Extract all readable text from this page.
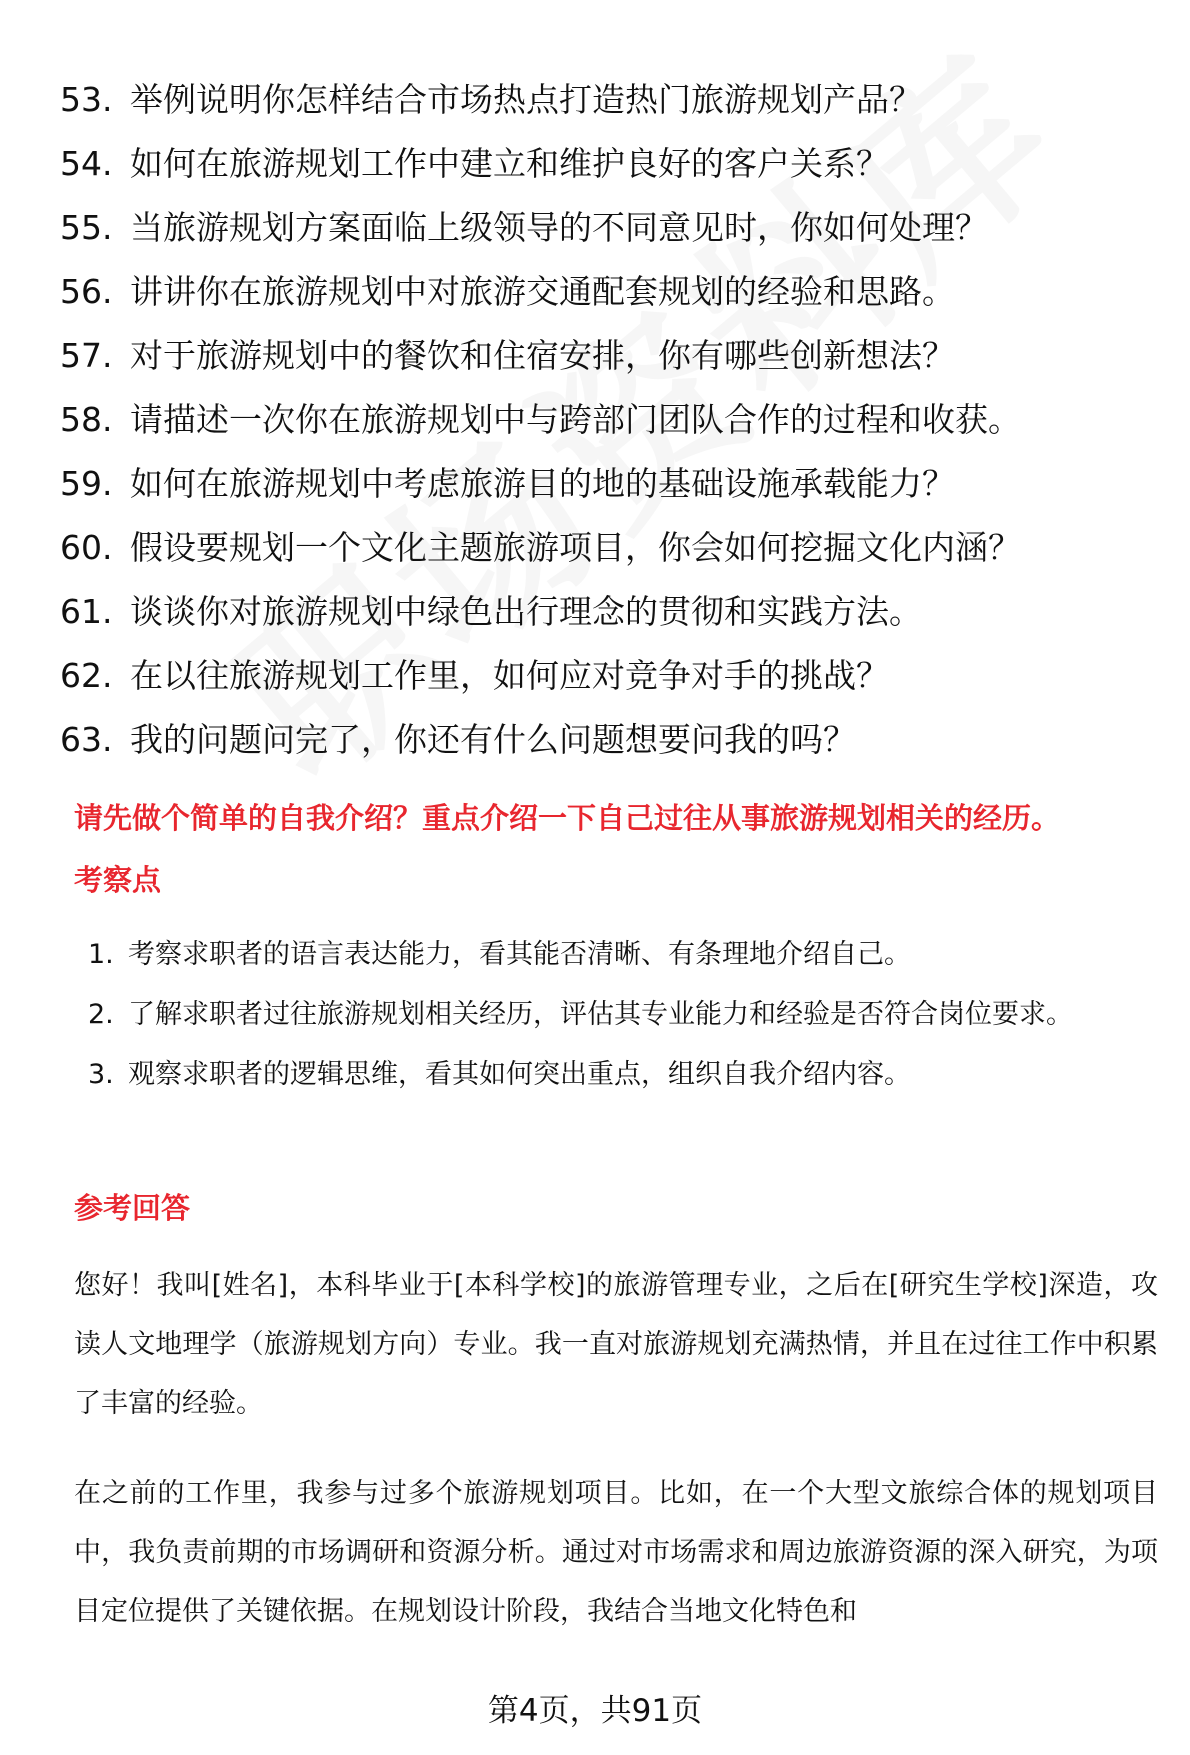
53. 举例说明你怎样结合市场热点打造热门旅游规划产品？
54. 如何在旅游规划工作中建立和维护良好的客户关系？
55. 当旅游规划方案面临上级领导的不同意见时，你如何处理？
56. 讲讲你在旅游规划中对旅游交通配套规划的经验和思路。
57. 对于旅游规划中的餐饮和住宿安排，你有哪些创新想法？
58. 请描述一次你在旅游规划中与跨部门团队合作的过程和收获。
59. 如何在旅游规划中考虑旅游目的地的基础设施承载能力？
60. 假设要规划一个文化主题旅游项目，你会如何挖掘文化内涵？
61. 谈谈你对旅游规划中绿色出行理念的贯彻和实践方法。
62. 在以往旅游规划工作里，如何应对竞争对手的挑战？
63. 我的问题问完了，你还有什么问题想要问我的吗？
请先做个简单的自我介绍？重点介绍一下自己过往从事旅游规划相关的经历。
考察点
1. 考察求职者的语言表达能力，看其能否清晰、有条理地介绍自己。
2. 了解求职者过往旅游规划相关经历，评估其专业能力和经验是否符合岗位要求。
3. 观察求职者的逻辑思维，看其如何突出重点，组织自我介绍内容。
参考回答

您好！我叫[姓名]，本科毕业于[本科学校]的旅游管理专业，之后在[研究生学校]深造，攻读人文地理学（旅游规划方向）专业。我一直对旅游规划充满热情，并且在过往工作中积累了丰富的经验。

在之前的工作里，我参与过多个旅游规划项目。比如，在一个大型文旅综合体的规划项目中，我负责前期的市场调研和资源分析。通过对市场需求和周边旅游资源的深入研究，为项目定位提供了关键依据。在规划设计阶段，我结合当地文化特色和

第4页，共91页
